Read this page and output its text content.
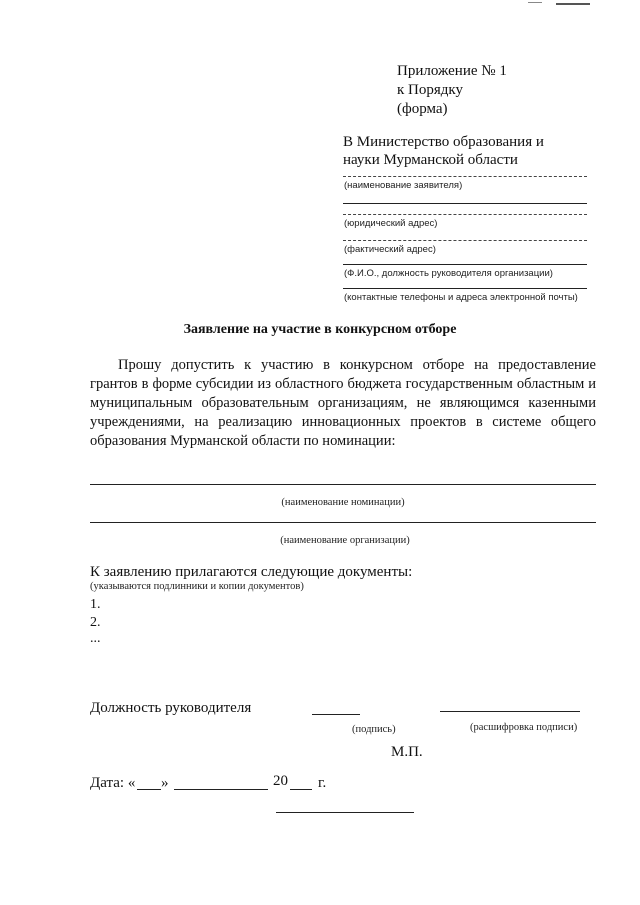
Приложение № 1
к Порядку
(форма)
В Министерство образования и
науки Мурманской области
(наименование заявителя)
(юридический адрес)
(фактический адрес)
(Ф.И.О., должность руководителя организации)
(контактные телефоны и адреса электронной почты)
Заявление на участие в конкурсном отборе

Прошу допустить к участию в конкурсном отборе на предоставление грантов в форме субсидии из областного бюджета государственным областным и муниципальным образовательным организациям, не являющимся казенными учреждениями, на реализацию инновационных проектов в системе общего образования Мурманской области по номинации:

(наименование номинации)
(наименование организации)
К заявлению прилагаются следующие документы:
(указываются подлинники и копии документов)
1.
2.
...
Должность руководителя
(подпись)	(расшифровка подписи)
М.П.
Дата: « »	20 г.
